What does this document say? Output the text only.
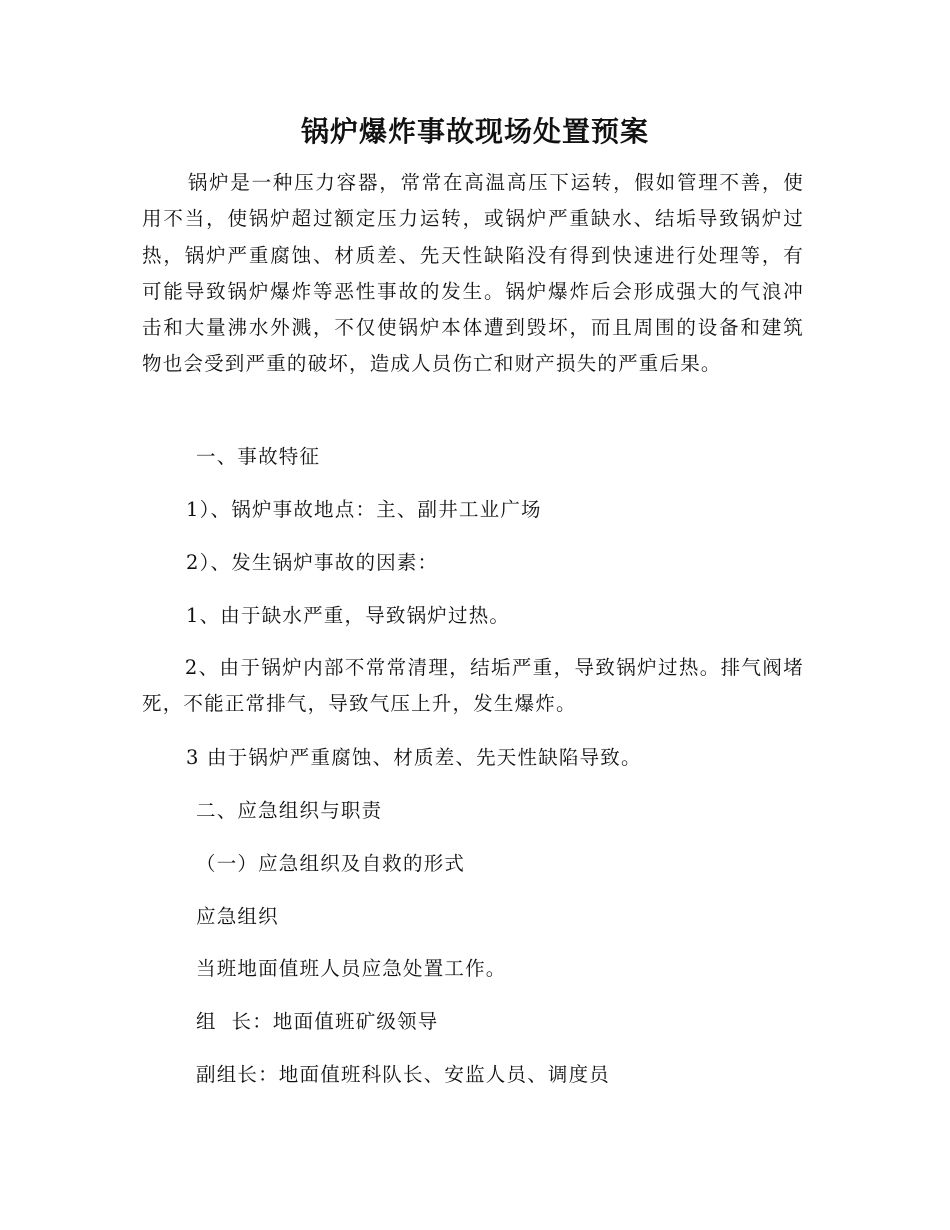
锅炉爆炸事故现场处置预案

锅炉是一种压力容器，常常在高温高压下运转，假如管理不善，使用不当，使锅炉超过额定压力运转，或锅炉严重缺水、结垢导致锅炉过热，锅炉严重腐蚀、材质差、先天性缺陷没有得到快速进行处理等，有可能导致锅炉爆炸等恶性事故的发生。锅炉爆炸后会形成强大的气浪冲击和大量沸水外溅，不仅使锅炉本体遭到毁坏，而且周围的设备和建筑物也会受到严重的破坏，造成人员伤亡和财产损失的严重后果。

一、事故特征

1）、锅炉事故地点：主、副井工业广场

2）、发生锅炉事故的因素：

1、由于缺水严重，导致锅炉过热。

2、由于锅炉内部不常常清理，结垢严重，导致锅炉过热。排气阀堵死，不能正常排气，导致气压上升，发生爆炸。

3 由于锅炉严重腐蚀、材质差、先天性缺陷导致。

二、应急组织与职责

（一）应急组织及自救的形式

应急组织

当班地面值班人员应急处置工作。

组  长：地面值班矿级领导

副组长：地面值班科队长、安监人员、调度员
